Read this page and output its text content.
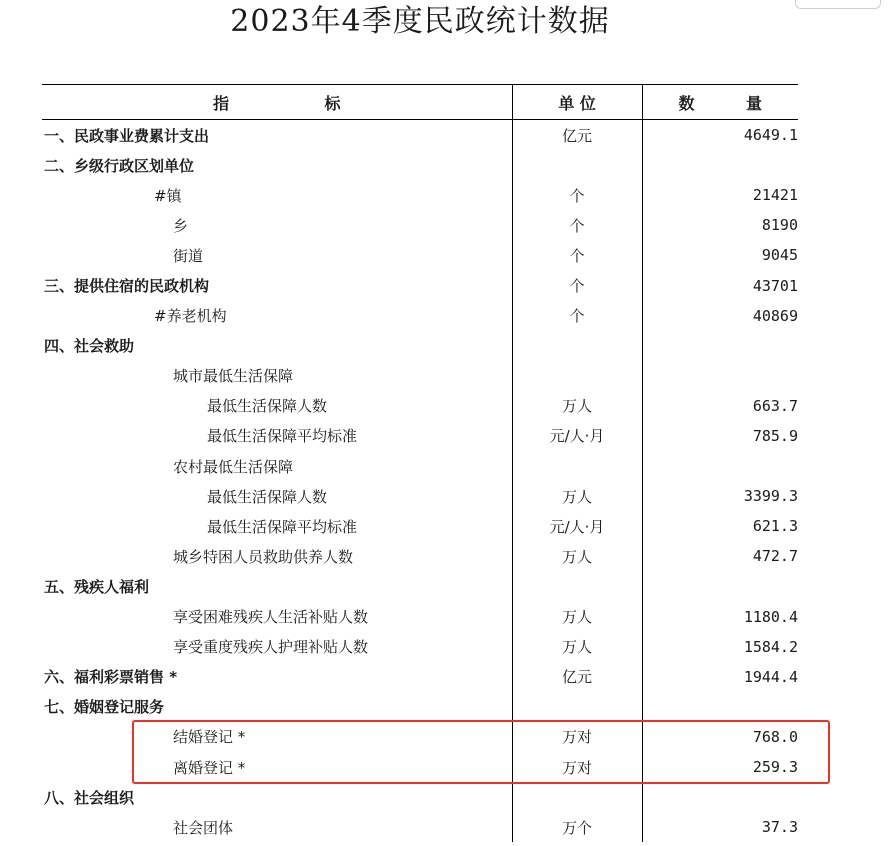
2023年4季度民政统计数据
指 标	单 位	数 量
一、民政事业费累计支出	亿元	4649.1
二、乡级行政区划单位		
#镇	个	21421
乡	个	8190
街道	个	9045
三、提供住宿的民政机构	个	43701
#养老机构	个	40869
四、社会救助		
城市最低生活保障		
最低生活保障人数	万人	663.7
最低生活保障平均标准	元/人·月	785.9
农村最低生活保障		
最低生活保障人数	万人	3399.3
最低生活保障平均标准	元/人·月	621.3
城乡特困人员救助供养人数	万人	472.7
五、残疾人福利		
享受困难残疾人生活补贴人数	万人	1180.4
享受重度残疾人护理补贴人数	万人	1584.2
六、福利彩票销售 *	亿元	1944.4
七、婚姻登记服务		
结婚登记 *	万对	768.0
离婚登记 *	万对	259.3
八、社会组织		
社会团体	万个	37.3
